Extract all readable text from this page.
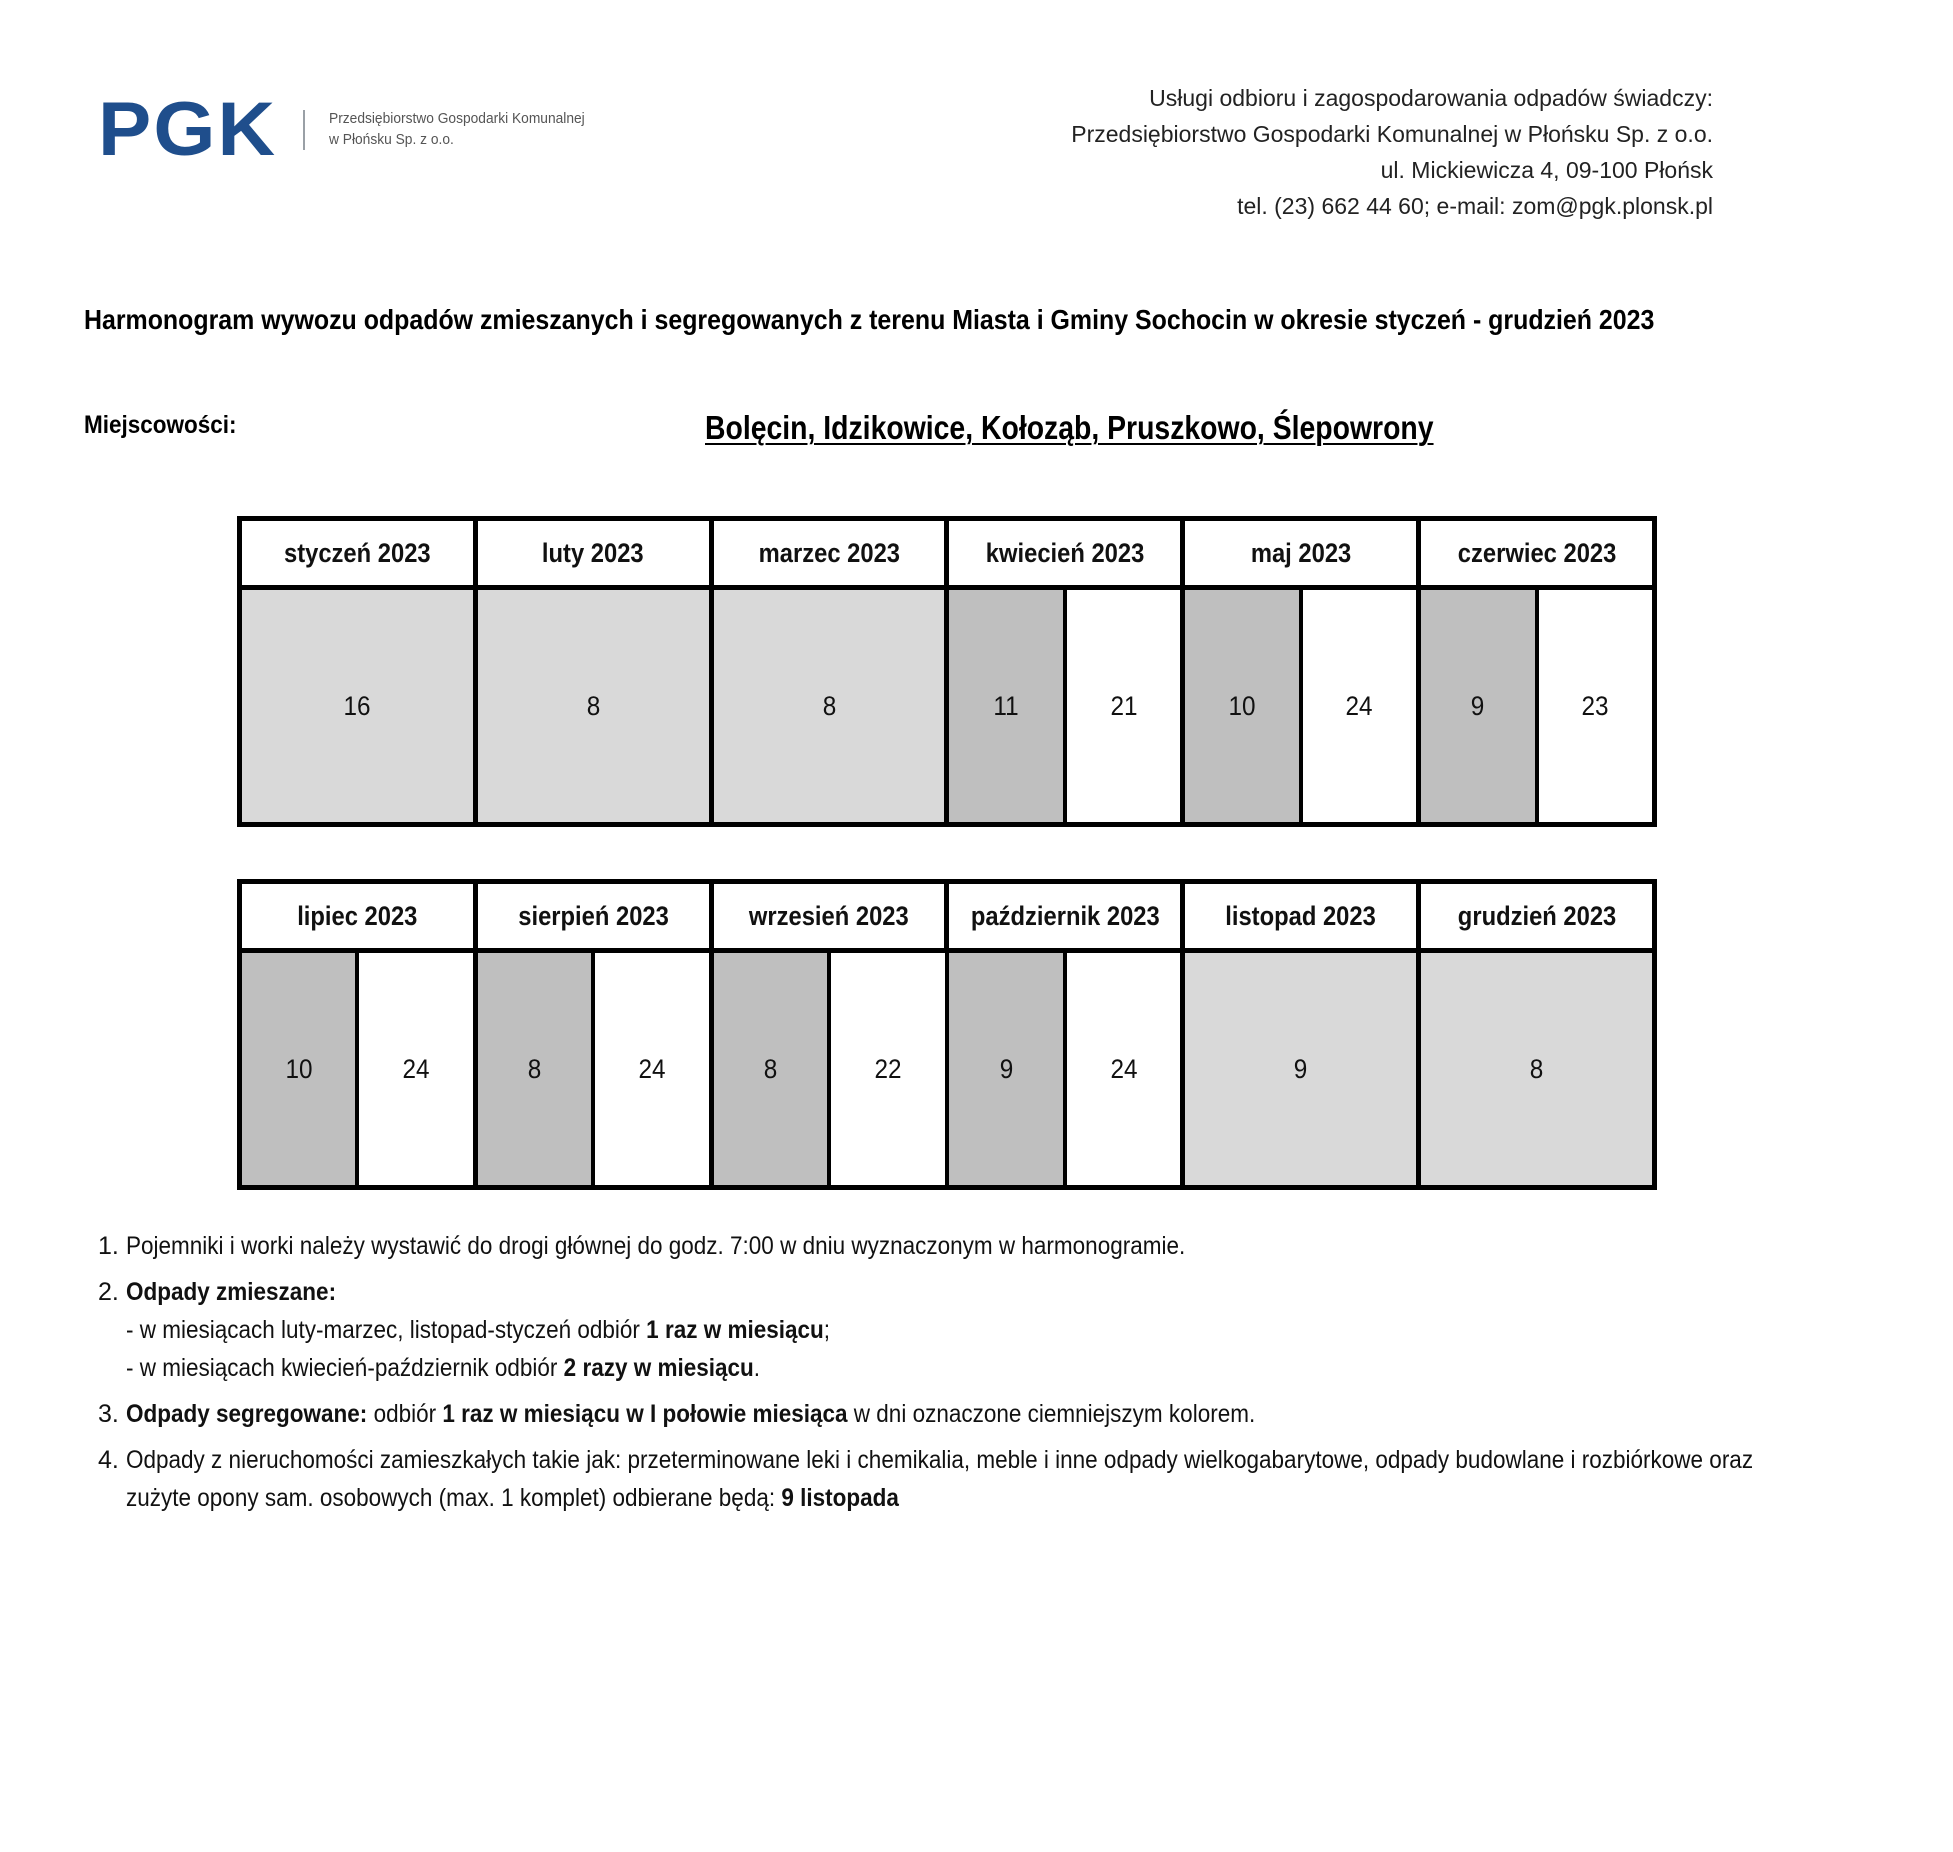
PGK	Przedsiębiorstwo Gospodarki Komunalnej
w Płońsku Sp. z o.o.
Usługi odbioru i zagospodarowania odpadów świadczy:
Przedsiębiorstwo Gospodarki Komunalnej w Płońsku Sp. z o.o.
ul. Mickiewicza 4, 09-100 Płońsk
tel. (23) 662 44 60; e-mail: zom@pgk.plonsk.pl
Harmonogram wywozu odpadów zmieszanych i segregowanych z terenu Miasta i Gminy Sochocin w okresie styczeń - grudzień 2023
Miejscowości:	Bolęcin, Idzikowice, Kołoząb, Pruszkowo, Ślepowrony
styczeń 2023	luty 2023	marzec 2023	kwiecień 2023	maj 2023	czerwiec 2023
16	8	8	11	21	10	24	9	23
lipiec 2023	sierpień 2023	wrzesień 2023 październik 2023 listopad 2023	grudzień 2023
10	24	8	24	8	22	9	24	9	8
1. Pojemniki i worki należy wystawić do drogi głównej do godz. 7:00 w dniu wyznaczonym w harmonogramie.
2. Odpady zmieszane:
- w miesiącach luty-marzec, listopad-styczeń odbiór 1 raz w miesiącu;
- w miesiącach kwiecień-październik odbiór 2 razy w miesiącu.
3. Odpady segregowane: odbiór 1 raz w miesiącu w I połowie miesiąca w dni oznaczone ciemniejszym kolorem.
4. Odpady z nieruchomości zamieszkałych takie jak: przeterminowane leki i chemikalia, meble i inne odpady wielkogabarytowe, odpady budowlane i rozbiórkowe oraz
zużyte opony sam. osobowych (max. 1 komplet) odbierane będą: 9 listopada
